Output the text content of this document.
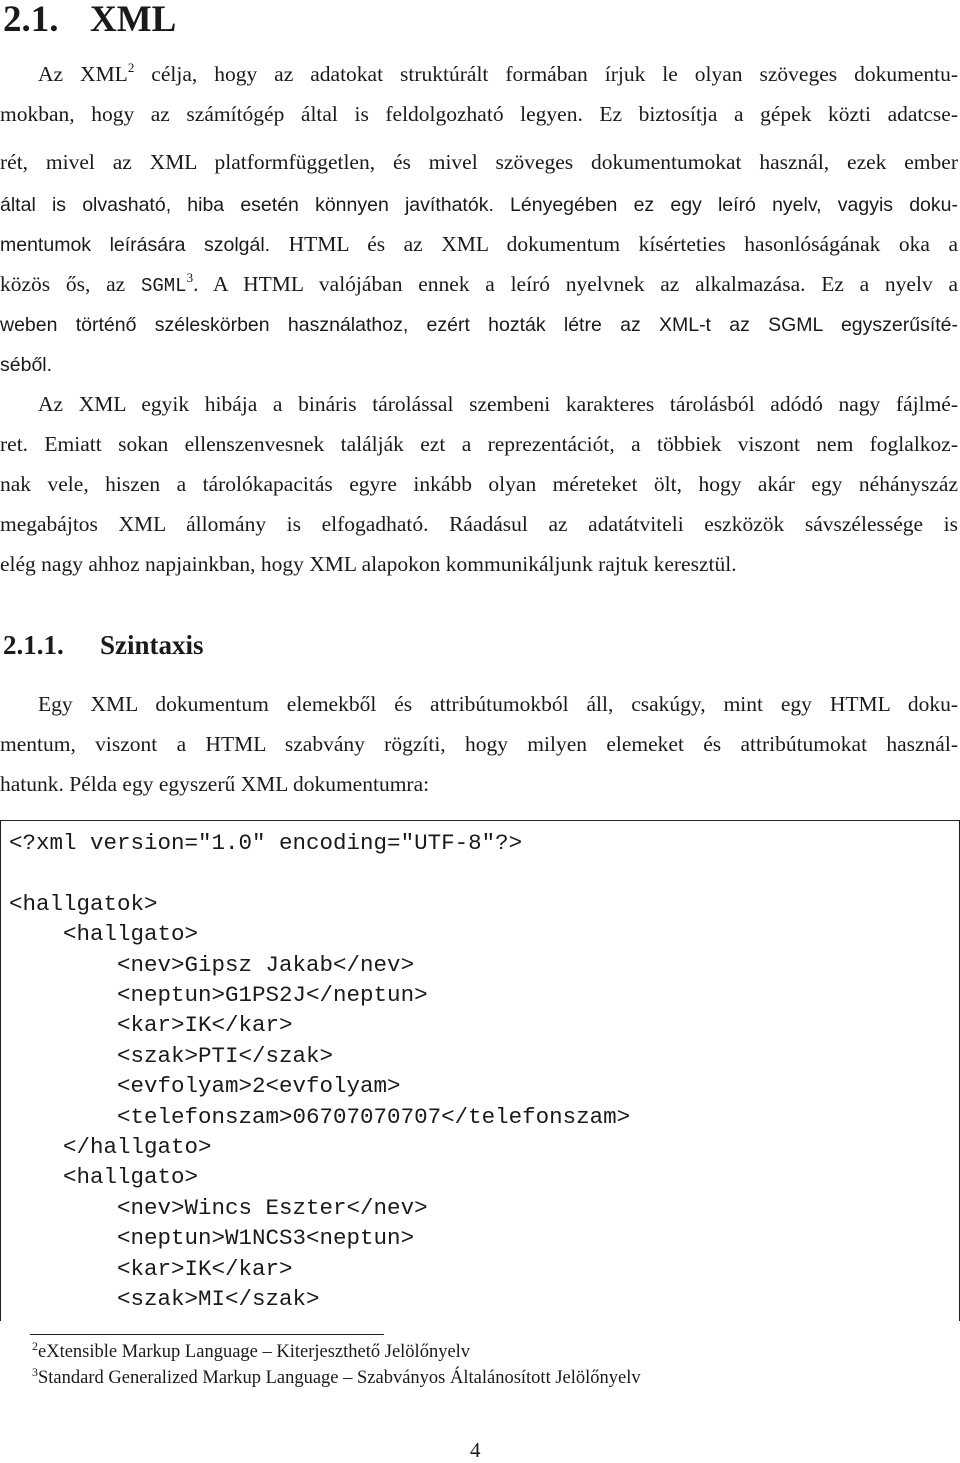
2.1. XML
Az XML$^2$ célja, hogy az adatokat struktúrált formában írjuk le olyan szöveges dokumentu-
mokban, hogy az számítógép által is feldolgozható legyen. Ez biztosítja a gépek közti adatcse-
rét, mivel az XML platformfüggetlen, és mivel szöveges dokumentumokat használ, ezek ember
által is olvasható, hiba esetén könnyen javíthatók. Lényegében ez egy leíró nyelv, vagyis doku-
mentumok leírására szolgál. HTML és az XML dokumentum kísérteties hasonlóságának oka a
közös ős, az SGML$^3$. A HTML valójában ennek a leíró nyelvnek az alkalmazása. Ez a nyelv a
weben történő széleskörben használathoz, ezért hozták létre az XML-t az SGML egyszerűsíté-
séből.
Az XML egyik hibája a bináris tárolással szembeni karakteres tárolásból adódó nagy fájlmé-
ret. Emiatt sokan ellenszenvesnek találják ezt a reprezentációt, a többiek viszont nem foglalkoz-
nak vele, hiszen a tárolókapacitás egyre inkább olyan méreteket ölt, hogy akár egy néhányszáz
megabájtos XML állomány is elfogadható. Ráadásul az adatátviteli eszközök sávszélessége is
elég nagy ahhoz napjainkban, hogy XML alapokon kommunikáljunk rajtuk keresztül.
2.1.1. Szintaxis
Egy XML dokumentum elemekből és attribútumokból áll, csakúgy, mint egy HTML doku-
mentum, viszont a HTML szabvány rögzíti, hogy milyen elemeket és attribútumokat használ-
hatunk. Példa egy egyszerű XML dokumentumra:
<?xml version="1.0" encoding="UTF-8"?>

<hallgatok>
<hallgato>
<nev>Gipsz Jakab</nev>
<neptun>G1PS2J</neptun>
<kar>IK</kar>
<szak>PTI</szak>
<evfolyam>2<evfolyam>
<telefonszam>06707070707</telefonszam>
</hallgato>
<hallgato>
<nev>Wincs Eszter</nev>
<neptun>W1NCS3<neptun>
<kar>IK</kar>
<szak>MI</szak>
$^2$eXtensible Markup Language – Kiterjeszthető Jelölőnyelv
$^3$Standard Generalized Markup Language – Szabványos Általánosított Jelölőnyelv
4
